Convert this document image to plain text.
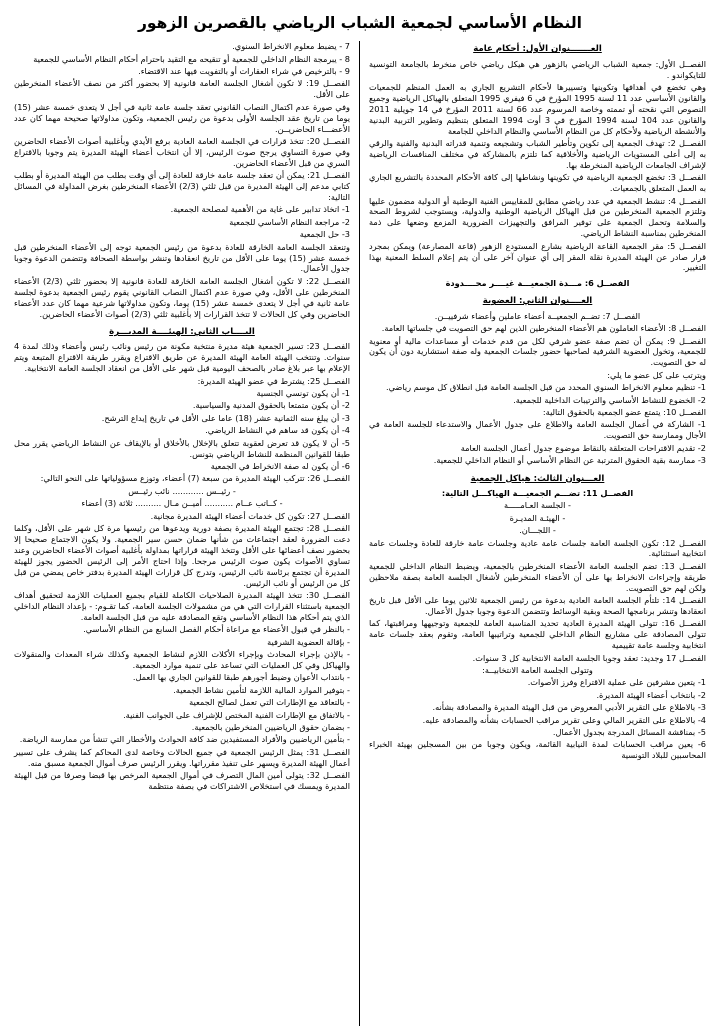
النظام الأساسي لجمعية الشباب الرياضي بالقصرين الزهور
العـــــــنوان الأول: أحكام عامة

الفصــل الأول: جمعية الشباب الرياضي بالزهور هي هيكل رياضي خاص منخرط بالجامعة التونسية للتايكواندو .

وهي تخضع في أهدافها وتكوينها وتسييرها لأحكام التشريع الجاري به العمل المنظم للجمعيات والقانون الأساسي عدد 11 لسنة 1995 المؤرخ في 6 فيفري 1995 المتعلق بالهياكل الرياضية وجميع النصوص التي نقحته أو تممته وخاصة المرسوم عدد 66 لسنة 2011 المؤرخ في 14 جويلية 2011 والقانون عدد 104 لسنة 1994 المؤرخ في 3 أوت 1994 المتعلق بتنظيم وتطوير التربية البدنية والأنشطة الرياضية ولأحكام كل من النظام الأساسي والنظام الداخلي للجامعة

الفصــل 2: تهدف الجمعية إلى تكوين وتأطير الشباب وتشجيعه وتنمية قدراته البدنية والفنية والرقي به إلى أعلى المستويات الرياضية والأخلاقية كما تلتزم بالمشاركة في مختلف المنافسات الرياضية لإشراف الجامعات الرياضية المنخرطة بها.

الفصــل 3: تخضع الجمعية الرياضية في تكوينها ونشاطها إلى كافة الأحكام المحددة بالتشريع الجاري به العمل المتعلق بالجمعيات.

الفصــل 4: تنشط الجمعية في عدد رياضي مطابق للمقاييس الفنية الوطنية أو الدولية مضمون عليها وتلتزم الجمعية المنخرطين من قبل الهياكل الرياضية الوطنية والدولية، ويستوجب لشروط الصحة والسلامة وتحمل الجمعية على توفير المرافق والتجهيزات الضرورية المزمع وضعها على ذمة المنخرطين بمناسبة النشاط الرياضي.

الفصــل 5: مقر الجمعية القاعة الرياضية بشارع المستودع الزهور (قاعة المصارعة) ويمكن بمجرد قرار صادر عن الهيئة المديرة نقلة المقر إلى أي عنوان آخر على أن يتم إعلام السلط المعنية بهذا التغيير.

الفصــل 6: مـــدة الجمعيـــة غيــــر محــــدودة

العــــنوان الثاني: العضوية

الفصــل 7: تضــم الجمعيــة أعضاء عاملين وأعضاء شرفييــن.

الفصــل 8: الأعضاء العاملون هم الأعضاء المنخرطين الذين لهم حق التصويت في جلساتها العامة.

الفصــل 9: يمكن أن تضم صفة عضو شرفي لكل من قدم خدمات أو مساعدات مالية أو معنوية للجمعية، وتخول العضوية الشرفية لصاحبها حضور جلسات الجمعية وله صفة استشارية دون أن يكون له حق التصويت.

ويترتب على كل عضو ما يلي:

1- تنظيم معلوم الانخراط السنوي المحدد من قبل الجلسة العامة قبل انطلاق كل موسم رياضي.

2- الخضوع للنشاط الأساسي والترتيبات الداخلية للجمعية.

الفصــل 10: يتمتع عضو الجمعية بالحقوق التالية:

1- الشاركة في أعمال الجلسة العامة والاطلاع على جدول الأعمال والاستدعاء للجلسة العامة في الأجال وممارسة حق التصويت.

2- تقديم الاقتراحات المتعلقة بالنقاط موضوع جدول أعمال الجلسة العامة

3- ممارسة بقية الحقوق المترتبة عن النظام الأساسي أو النظام الداخلي للجمعية.

العـــنوان الثالث: هياكل الجمعية

الفصــل 11: تضـــم الجمعيـــة الهياكـــل التالية:

- الجلسة العـامـــــة

- الهيئـة المديـرة

- اللجـــان.

الفصــل 12: تكون الجلسة العامة جلسات عامة عادية وجلسات عامة خارقة للعادة وجلسات عامة انتخابية استثنائية.

الفصــل 13: تضم الجلسة العامة الأعضاء المنخرطين بالجمعية، ويضبط النظام الداخلي للجمعية طريقة وإجراءات الانخراط بها على أن الأعضاء المنخرطين لأشغال الجلسة العامة بصفة ملاحظين ولكن لهم حق التصويت.

الفصــل 14: تلتأم الجلسة العامة العادية بدعوة من رئيس الجمعية ثلاثين يوما على الأقل قبل تاريخ انعقادها وتنشر برنامجها الصحة وبقية الوسائط وتتضمن الدعوة وجوبا جدول الأعمال.

الفصــل 16: تتولى الهيئة المديرة العادية تحديد المناسبة العامة للجمعية وتوجيهها ومراقبتها، كما تتولى المصادقة على مشاريع النظام الداخلي للجمعية وتراتيبها العامة، وتقوم بعقد جلسات عامة انتخابية وجلسة عامة تقييمية

الفصــل 17 وجديد: تعقد وجوبا الجلسة العامة الانتخابية كل 3 سنوات.

وتتولى الجلسة العامة الانتخابيــة:

1- يتعين مشرفين على عملية الاقتراع وفرز الأصوات.

2- بانتخاب أعضاء الهيئة المديرة.

3- بالاطلاع على التقرير الأدبي المعروض من قبل الهيئة المديرة والمصادقة بشأنه.

4- بالاطلاع على التقرير المالي وعلى تقرير مراقب الحسابات بشأنه والمصادقة عليه.

5- بمناقشة المسائل المدرجة بجدول الأعمال.

6- يعين مراقب الحسابات لمدة النيابية القائمة، ويكون وجوبا من بين المسجلين بهيئة الخبراء المحاسبين للبلاد التونسية

7 - يضبط معلوم الانخراط السنوي.

8 - يبرمجة النظام الداخلي للجمعية أو تنقيحه مع التقيد باحترام أحكام النظام الأساسي للجمعية

9 - بالترخيص في شراء العقارات أو بالتفويت فيها عند الاقتضاء.

الفصــل 19: لا تكون أشغال الجلسة العامة قانونية إلا بحضور أكثر من نصف الأعضاء المنخرطين على الأقل.

وفي صورة عدم اكتمال النصاب القانوني تعقد جلسة عامة ثانية في أجل لا يتعدى خمسة عشر (15) يوما من تاريخ عقد الجلسة الأولى بدعوة من رئيس الجمعية، وتكون مداولاتها صحيحة مهما كان عدد الأعضـــاء الحاضريــن.

الفصــل 20: تتخذ قرارات في الجلسة العامة العادية برفع الأيدي وبأغلبية أصوات الأعضاء الحاضرين وفي صورة التساوي يرجح صوت الرئيس، إلا أن انتخاب أعضاء الهيئة المديرة يتم وجوبا بالاقتراع السري من قبل الأعضاء الحاضرين.

الفصــل 21: يمكن أن تعقد جلسة عامة خارقة للعادة إلى أي وقت بطلب من الهيئة المديرة أو بطلب كتابي مدعم إلى الهيئة المديرة من قبل ثلثي (2/3) الأعضاء المنخرطين بغرض المداولة في المسائل التالية:

1- اتخاذ تدابير على غاية من الأهمية لمصلحة الجمعية.

2- مراجعة النظام الأساسي للجمعية

3- حل الجمعية

وتنعقد الجلسة العامة الخارقة للعادة بدعوة من رئيس الجمعية توجه إلى الأعضاء المنخرطين قبل خمسة عشر (15) يوما على الأقل من تاريخ انعقادها وتنشر بواسطة الصحافة وتتضمن الدعوة وجوبا جدول الأعمال.

الفصــل 22: لا تكون أشغال الجلسة العامة الخارقة للعادة قانونية إلا بحضور ثلثي (2/3) الأعضاء المنخرطين على الأقل، وفي صورة عدم اكتمال النصاب القانوني يقوم رئيس الجمعية بدعوة لجلسة عامة ثانية في أجل لا يتعدى خمسة عشر (15) يوما، وتكون مداولاتها شرعية مهما كان عدد الأعضاء الحاضرين وفي كل الحالات لا تتخذ القرارات إلا بأغلبية ثلثي (2/3) أصوات الأعضاء الحاضرين.

البــــاب الثاني: الهيئــــة المديـــرة

الفصــل 23: تسير الجمعية هيئة مديرة منتخبة مكونة من رئيس ونائب رئيس وأعضاء وذلك لمدة 4 سنوات. وتنتخب الهيئة العامة الهيئة المديرة عن طريق الاقتراع ويقرر طريقة الاقتراع المتبعة ويتم الإعلام بها عبر بلاغ صادر بالصحف اليومية قبل شهر على الأقل من انعقاد الجلسة العامة الانتخابية.

الفصــل 25: يشترط في عضو الهيئة المديرة:

1- أن يكون تونسي الجنسية

2- أن يكون متمتعا بالحقوق المدنية والسياسية.

3- أن يبلغ سنه الثمانية عشر (18) عاما على الأقل في تاريخ إيداع الترشح.

4- أن يكون قد ساهم في النشاط الرياضي.

5- أن لا يكون قد تعرض لعقوبة تتعلق بالإخلال بالأخلاق أو بالإيقاف عن النشاط الرياضي يقرر محل طبقا للقوانين المنظمة للنشاط الرياضي بتونس.

6- أن يكون له صفة الانخراط في الجمعية

الفصــل 26: تتركب الهيئة المديرة من سبعة (7) أعضاء، وتوزع مسؤولياتها على النحو التالي:

- رئيــس ............ نائب رئيــس

- كــاتب عــام ........... أميــن مـال .......... ثلاثة (3) أعضاء

الفصــل 27: تكون كل خدمات أعضاء الهيئة المديرة مجانية.

الفصــل 28: تجتمع الهيئة المديرة بصفة دورية ويدعوها من رئيسها مرة كل شهر على الأقل، وكلما دعت الضرورة لعقد اجتماعات من شأنها ضمان حسن سير الجمعية. ولا يكون الاجتماع صحيحا إلا بحضور نصف أعضائها على الأقل وتتخذ الهيئة قراراتها بمداولة بأغلبية أصوات الأعضاء الحاضرين وعند تساوي الأصوات يكون صوت الرئيس مرجحا. وإذا احتاج الأمر إلى الرئيس الحضور يجوز للهيئة المديرة أن تجتمع برئاسة نائب الرئيس، وتدرج كل قرارات الهيئة المديرة بدفتر خاص يمضي من قبل كل من الرئيس أو نائب الرئيس.

الفصــل 30: تتخذ الهيئة المديرة الصلاحيات الكاملة للقيام بجميع العمليات اللازمة لتحقيق أهداف الجمعية باستثناء القرارات التي هي من مشمولات الجلسة العامة، كما تقـوم: - بإعداد النظام الداخلي الذي يتم أحكام هذا النظام الأساسي وتقع المصادقة عليه من قبل الجلسة العامة.

- بالنظر في قبول الأعضاء مع مراعاة أحكام الفصل السابع من النظام الأساسي.

- بإقالة العضوية الشرفية

- بالإذن بإجراء المحادث وبإجراء الأكلات اللازم لنشاط الجمعية وكذلك شراء المعدات والمنقولات والهياكل وفي كل العمليات التي تساعد على تنمية موارد الجمعية.

- بانتداب الأعوان وضبط أجورهم طبقا للقوانين الجاري بها العمل.

- بتوفير الموارد المالية اللازمة لتأمين نشاط الجمعية.

- بالتعاقد مع الإطارات التي تعمل لصالح الجمعية

- بالاتفاق مع الإطارات الفنية المختص للإشراف على الجوانب الفنية.

- بضمان حقوق الرياضيين المنخرطين بالجمعية.

- بتأمين الرياضيين والأفراد المستفيدين ضد كافة الحوادث والأخطار التي تنشأ من ممارسة الرياضة.

الفصــل 31: يمثل الرئيس الجمعية في جميع الحالات وخاصة لدى المحاكم كما يشرف على تسيير أعمال الهيئة المديرة ويسهر على تنفيذ مقرراتها. ويقرر الرئيس صرف أموال الجمعية مسبق منه.

الفصــل 32: يتولى أمين المال التصرف في أموال الجمعية المرخص بها قبضا وصرفا من قبل الهيئة المديرة ويمسك في استخلاص الاشتراكات في بصفة منتظمة
